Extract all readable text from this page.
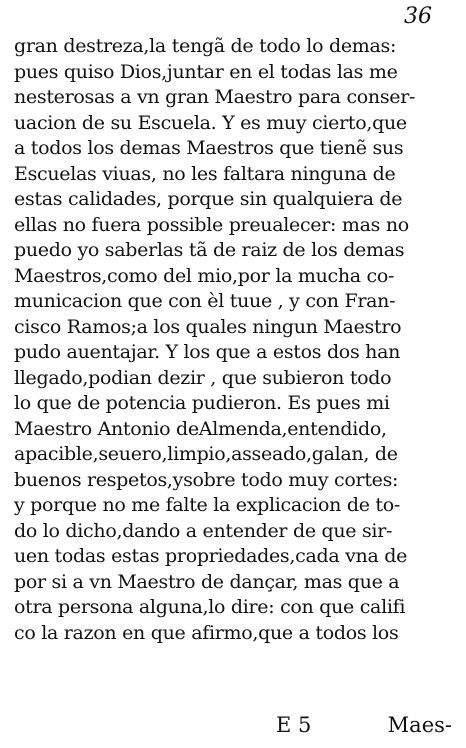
36
gran destreza,la tengã de todo lo demas:
pues quiso Dios,juntar en el todas las me
nesterosas a vn gran Maestro para conser-
uacion de su Escuela. Y es muy cierto,que
a todos los demas Maestros que tienẽ sus
Escuelas viuas, no les faltara ninguna de
estas calidades, porque sin qualquiera de
ellas no fuera possible preualecer: mas no
puedo yo saberlas tã de raiz de los demas
Maestros,como del mio,por la mucha co-
municacion que con èl tuue , y con Fran-
cisco Ramos;a los quales ningun Maestro
pudo auentajar. Y los que a estos dos han
llegado,podian dezir , que subieron todo
lo que de potencia pudieron. Es pues mi
Maestro Antonio deAlmenda,entendido,
apacible,seuero,limpio,asseado,galan, de
buenos respetos,ysobre todo muy cortes:
y porque no me falte la explicacion de to-
do lo dicho,dando a entender de que sir-
uen todas estas propriedades,cada vna de
por si a vn Maestro de dançar, mas que a
otra persona alguna,lo dire: con que califi
co la razon en que afirmo,que a todos los
E 5	Maes-
